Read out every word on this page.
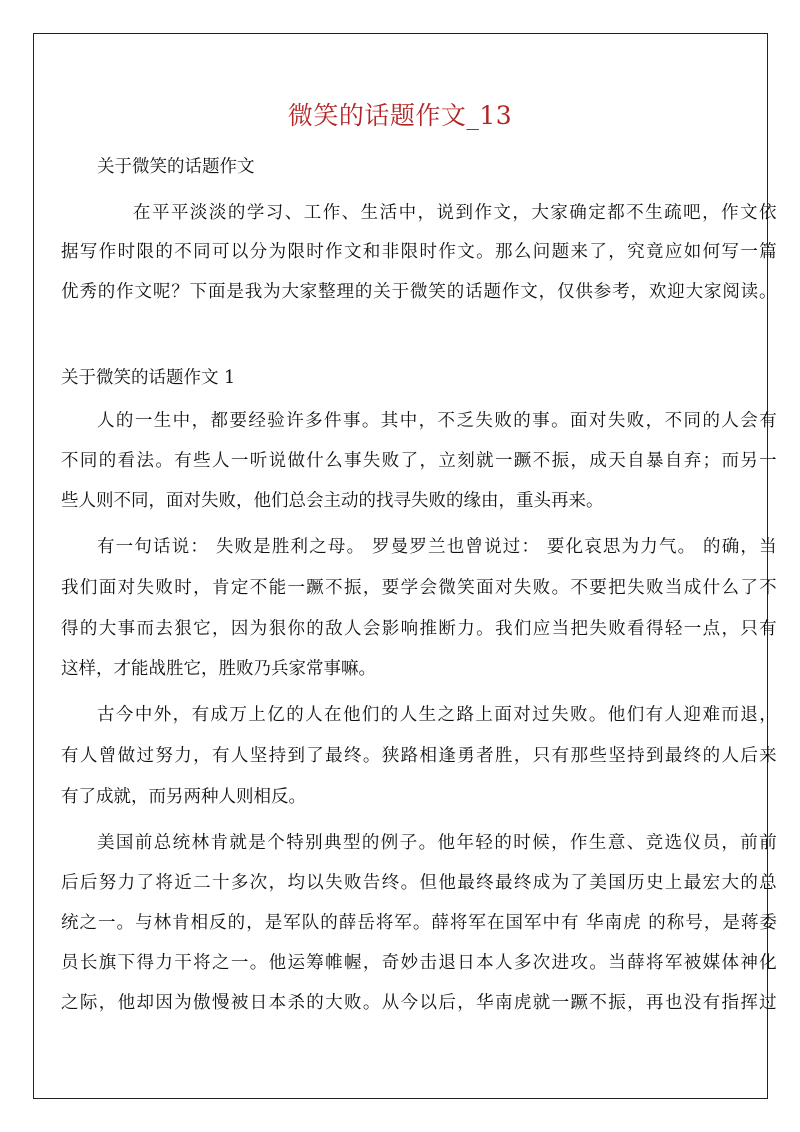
微笑的话题作文_13
关于微笑的话题作文
在平平淡淡的学习、工作、生活中，说到作文，大家确定都不生疏吧，作文依
据写作时限的不同可以分为限时作文和非限时作文。那么问题来了，究竟应如何写一篇
优秀的作文呢？下面是我为大家整理的关于微笑的话题作文，仅供参考，欢迎大家阅读。
关于微笑的话题作文 1
人的一生中，都要经验许多件事。其中，不乏失败的事。面对失败，不同的人会有
不同的看法。有些人一听说做什么事失败了，立刻就一蹶不振，成天自暴自弃；而另一
些人则不同，面对失败，他们总会主动的找寻失败的缘由，重头再来。
有一句话说： 失败是胜利之母。 罗曼罗兰也曾说过： 要化哀思为力气。 的确，当
我们面对失败时，肯定不能一蹶不振，要学会微笑面对失败。不要把失败当成什么了不
得的大事而去狠它，因为狠你的敌人会影响推断力。我们应当把失败看得轻一点，只有
这样，才能战胜它，胜败乃兵家常事嘛。
古今中外，有成万上亿的人在他们的人生之路上面对过失败。他们有人迎难而退，
有人曾做过努力，有人坚持到了最终。狭路相逢勇者胜，只有那些坚持到最终的人后来
有了成就，而另两种人则相反。
美国前总统林肯就是个特别典型的例子。他年轻的时候，作生意、竞选仪员，前前
后后努力了将近二十多次，均以失败告终。但他最终最终成为了美国历史上最宏大的总
统之一。与林肯相反的，是军队的薛岳将军。薛将军在国军中有 华南虎 的称号，是蒋委
员长旗下得力干将之一。他运筹帷幄，奇妙击退日本人多次进攻。当薛将军被媒体神化
之际，他却因为傲慢被日本杀的大败。从今以后，华南虎就一蹶不振，再也没有指挥过
